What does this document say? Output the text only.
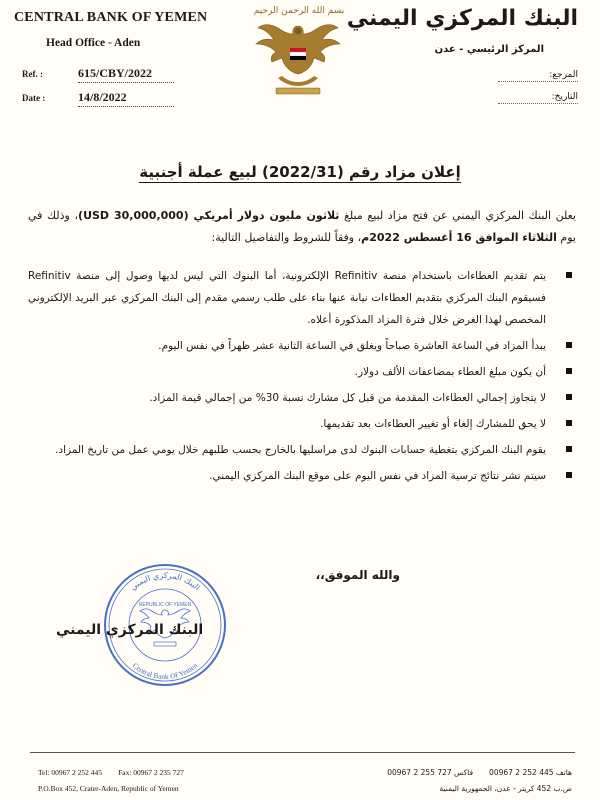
CENTRAL BANK OF YEMEN
Head Office - Aden
Ref. :	615/CBY/2022
Date :	14/8/2022
بسم الله الرحمن الرحيم البنك المركزي اليمني
المركز الرئيسي - عدن
المرجع:
التاريخ:
إعلان مزاد رقم (2022/31) لبيع عملة أجنبية
يعلن البنك المركزي اليمني عن فتح مزاد لبيع مبلغ ثلاثون مليون دولار أمريكي (30,000,000 USD)، وذلك في يوم الثلاثاء الموافق 16 أغسطس 2022م، وفقاً للشروط والتفاصيل التالية:
يتم تقديم العطاءات باستخدام منصة Refinitiv الإلكترونية، أما البنوك التي ليس لديها وصول إلى منصة Refinitiv فسيقوم البنك المركزي بتقديم العطاءات نيابة عنها بناء على طلب رسمي مقدم إلى البنك المركزي عبر البريد الإلكتروني المخصص لهذا الغرض خلال فترة المزاد المذكورة أعلاه.
يبدأ المزاد في الساعة العاشرة صباحاً ويغلق في الساعة الثانية عشر ظهراً في نفس اليوم.
أن يكون مبلغ العطاء بمضاعفات الألف دولار.
لا يتجاوز إجمالي العطاءات المقدمة من قبل كل مشارك نسبة 30% من إجمالي قيمة المزاد.
لا يحق للمشارك إلغاء أو تغيير العطاءات بعد تقديمها.
يقوم البنك المركزي بتغطية حسابات البنوك لدى مراسليها بالخارج بحسب طلبهم خلال يومي عمل من تاريخ المزاد.
سيتم نشر نتائج ترسية المزاد في نفس اليوم على موقع البنك المركزي اليمني.
والله الموفق،،
البنك المركزي اليمني
Central Bank Of Yemen
REPUBLIC OF YEMEN
البنك المركزي اليمني
Tel: 00967 2 252 445 Fax: 00967 2 235 727
P.O.Box 452, Crater-Aden, Republic of Yemen
هاتف 445 252 2 00967فاكس 727 255 2 00967
ص.ب 452 كريتر - عدن، الجمهورية اليمنية
